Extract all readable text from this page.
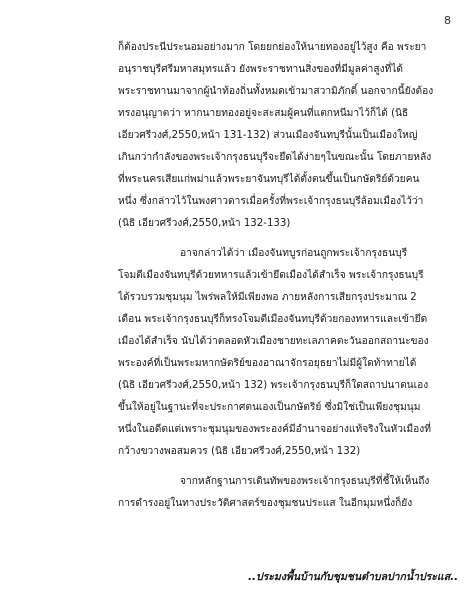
8
ก็ต้องประนีประนอมอย่างมาก โดยยกย่องให้นายทองอยู่ไว้สูง คือ พระยา
อนุราชบุรีศรีมหาสมุทรแล้ว ยังพระราชทานสิ่งของที่มีมูลค่าสูงที่ได้
พระราชทานมาจากผู้นำท้องถิ่นทั้งหมดเข้ามาสวามิภักดิ์ นอกจากนี้ยังต้อง
ทรงอนุญาตว่า หากนายทองอยู่จะสะสมผู้คนที่แตกหนีมาไว้ก็ได้ (นิธิ
เอียวศรีวงศ์,2550,หน้า 131-132) ส่วนเมืองจันทบุรีนั้นเป็นเมืองใหญ่
เกินกว่ากำลังของพระเจ้ากรุงธนบุรีจะยึดได้ง่ายๆในขณะนั้น โดยภายหลัง
ที่พระนครเสียแก่พม่าแล้วพระยาจันทบุรีได้ตั้งตนขึ้นเป็นกษัตริย์ด้วยคน
หนึ่ง ซึ่งกล่าวไว้ในพงศาวดารเมื่อครั้งที่พระเจ้ากรุงธนบุรีล้อมเมืองไว้ว่า
(นิธิ เอียวศรีวงศ์,2550,หน้า 132-133)
อาจกล่าวได้ว่า เมืองจันทบูรก่อนถูกพระเจ้ากรุงธนบุรี
โจมตีเมืองจันทบุรีด้วยทหารแล้วเข้ายึดเมืองได้สำเร็จ พระเจ้ากรุงธนบุรี
ได้รวบรวมชุมนุม ไพร่พลให้มีเพียงพอ ภายหลังการเสียกรุงประมาณ 2
เดือน พระเจ้ากรุงธนบุรีก็ทรงโจมตีเมืองจันทบุรีด้วยกองทหารและเข้ายึด
เมืองได้สำเร็จ นับได้ว่าตลอดหัวเมืองชายทะเลภาคตะวันออกสถานะของ
พระองค์ที่เป็นพระมหากษัตริย์ของอาณาจักรอยุธยาไม่มีผู้ใดท้าทายได้
(นิธิ เอียวศรีวงศ์,2550,หน้า 132) พระเจ้ากรุงธนบุรีก็ใดสถาปนาตนเอง
ขึ้นให้อยู่ในฐานะที่จะประกาศตนเองเป็นกษัตริย์ ซึ่งมิใช่เป็นเพียงชุมนุม
หนึ่งในอดีตแต่เพราะชุมนุมของพระองค์มีอำนาจอย่างแท้จริงในหัวเมืองที่
กว้างขวางพอสมควร (นิธิ เอียวศรีวงศ์,2550,หน้า 132)
จากหลักฐานการเดินทัพของพระเจ้ากรุงธนบุรีที่ชี้ให้เห็นถึง
การดำรงอยู่ในทางประวัติศาสตร์ของชุมชนประแส ในอีกมุมหนึ่งก็ยัง
..ประมงพื้นบ้านกับชุมชนตำบลปากน้ำประแส..
